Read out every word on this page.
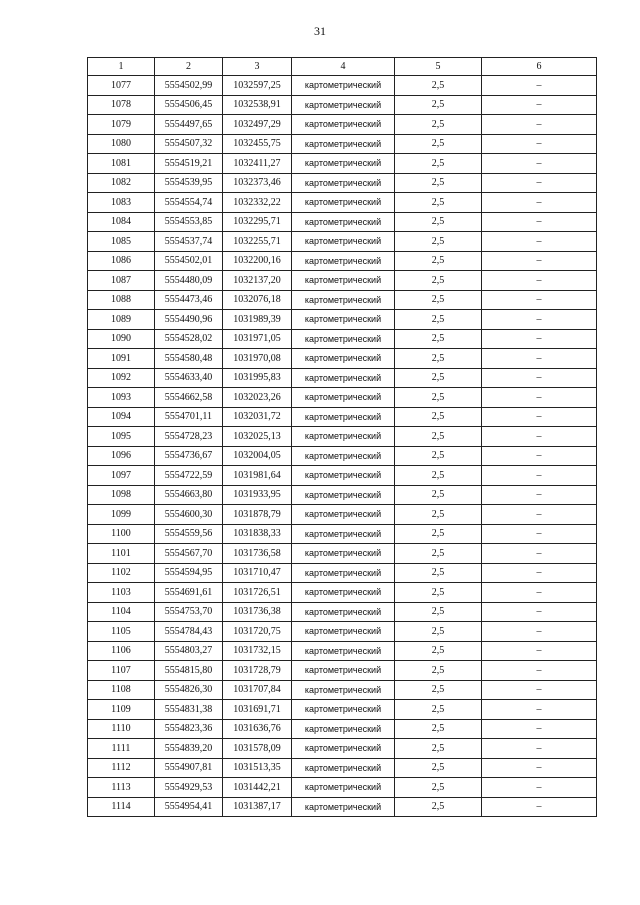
31
1	2	3	4	5	6
1077	5554502,99	1032597,25	картометрический	2,5	–
1078	5554506,45	1032538,91	картометрический	2,5	–
1079	5554497,65	1032497,29	картометрический	2,5	–
1080	5554507,32	1032455,75	картометрический	2,5	–
1081	5554519,21	1032411,27	картометрический	2,5	–
1082	5554539,95	1032373,46	картометрический	2,5	–
1083	5554554,74	1032332,22	картометрический	2,5	–
1084	5554553,85	1032295,71	картометрический	2,5	–
1085	5554537,74	1032255,71	картометрический	2,5	–
1086	5554502,01	1032200,16	картометрический	2,5	–
1087	5554480,09	1032137,20	картометрический	2,5	–
1088	5554473,46	1032076,18	картометрический	2,5	–
1089	5554490,96	1031989,39	картометрический	2,5	–
1090	5554528,02	1031971,05	картометрический	2,5	–
1091	5554580,48	1031970,08	картометрический	2,5	–
1092	5554633,40	1031995,83	картометрический	2,5	–
1093	5554662,58	1032023,26	картометрический	2,5	–
1094	5554701,11	1032031,72	картометрический	2,5	–
1095	5554728,23	1032025,13	картометрический	2,5	–
1096	5554736,67	1032004,05	картометрический	2,5	–
1097	5554722,59	1031981,64	картометрический	2,5	–
1098	5554663,80	1031933,95	картометрический	2,5	–
1099	5554600,30	1031878,79	картометрический	2,5	–
1100	5554559,56	1031838,33	картометрический	2,5	–
1101	5554567,70	1031736,58	картометрический	2,5	–
1102	5554594,95	1031710,47	картометрический	2,5	–
1103	5554691,61	1031726,51	картометрический	2,5	–
1104	5554753,70	1031736,38	картометрический	2,5	–
1105	5554784,43	1031720,75	картометрический	2,5	–
1106	5554803,27	1031732,15	картометрический	2,5	–
1107	5554815,80	1031728,79	картометрический	2,5	–
1108	5554826,30	1031707,84	картометрический	2,5	–
1109	5554831,38	1031691,71	картометрический	2,5	–
1110	5554823,36	1031636,76	картометрический	2,5	–
1111	5554839,20	1031578,09	картометрический	2,5	–
1112	5554907,81	1031513,35	картометрический	2,5	–
1113	5554929,53	1031442,21	картометрический	2,5	–
1114	5554954,41	1031387,17	картометрический	2,5	–
